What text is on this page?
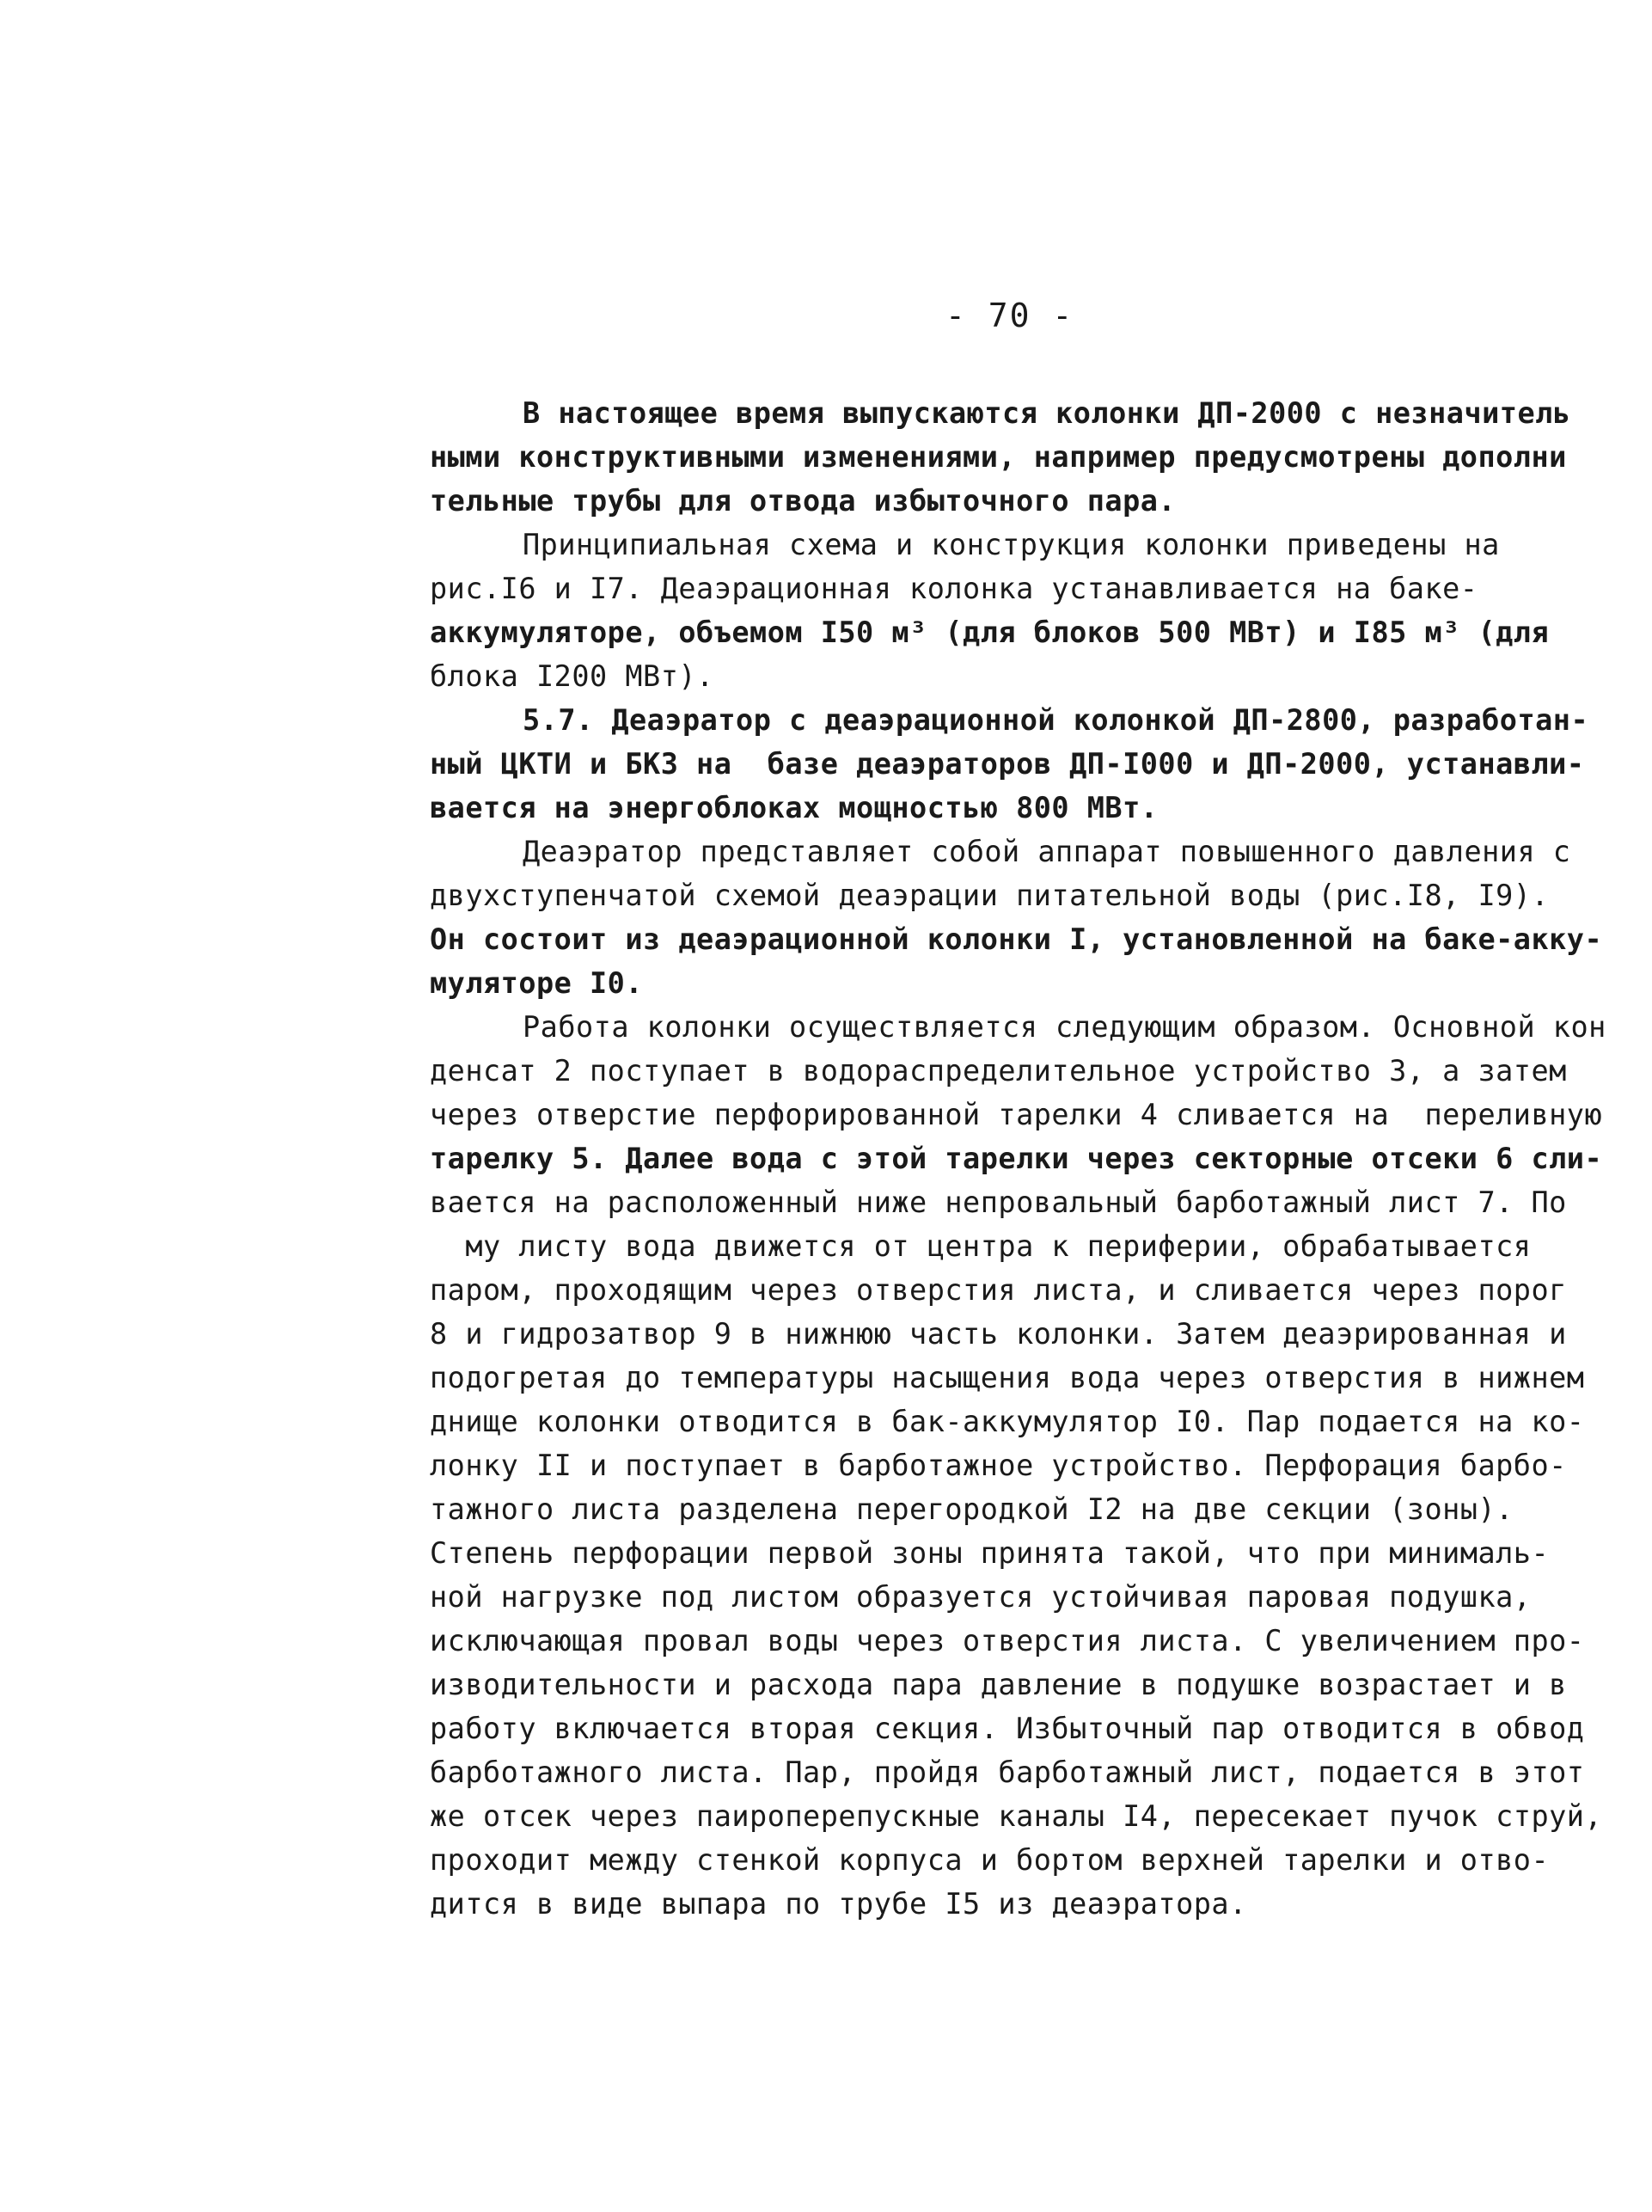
- 70 -
В настоящее время выпускаются колонки ДП-2000 с незначитель
ными конструктивными изменениями, например предусмотрены дополни
тельные трубы для отвода избыточного пара.
Принципиальная схема и конструкция колонки приведены на
рис.I6 и I7. Деаэрационная колонка устанавливается на баке-
аккумуляторе, объемом I50 м³ (для блоков 500 МВт) и I85 м³ (для
блока I200 МВт).
5.7. Деаэратор с деаэрационной колонкой ДП-2800, разработан-
ный ЦКТИ и БКЗ на  базе деаэраторов ДП-I000 и ДП-2000, устанавли-
вается на энергоблоках мощностью 800 МВт.
Деаэратор представляет собой аппарат повышенного давления с
двухступенчатой схемой деаэрации питательной воды (рис.I8, I9).
Он состоит из деаэрационной колонки I, установленной на баке-акку-
муляторе I0.
Работа колонки осуществляется следующим образом. Основной кон
денсат 2 поступает в водораспределительное устройство 3, а затем
через отверстие перфорированной тарелки 4 сливается на  переливную
тарелку 5. Далее вода с этой тарелки через секторные отсеки 6 сли-
вается на расположенный ниже непровальный барботажный лист 7. По
му листу вода движется от центра к периферии, обрабатывается
паром, проходящим через отверстия листа, и сливается через порог
8 и гидрозатвор 9 в нижнюю часть колонки. Затем деаэрированная и
подогретая до температуры насыщения вода через отверстия в нижнем
днище колонки отводится в бак-аккумулятор I0. Пар подается на ко-
лонку II и поступает в барботажное устройство. Перфорация барбо-
тажного листа разделена перегородкой I2 на две секции (зоны).
Степень перфорации первой зоны принята такой, что при минималь-
ной нагрузке под листом образуется устойчивая паровая подушка,
исключающая провал воды через отверстия листа. С увеличением про-
изводительности и расхода пара давление в подушке возрастает и в
работу включается вторая секция. Избыточный пар отводится в обвод
барботажного листа. Пар, пройдя барботажный лист, подается в этот
же отсек через паироперепускные каналы I4, пересекает пучок струй,
проходит между стенкой корпуса и бортом верхней тарелки и отво-
дится в виде выпара по трубе I5 из деаэратора.
